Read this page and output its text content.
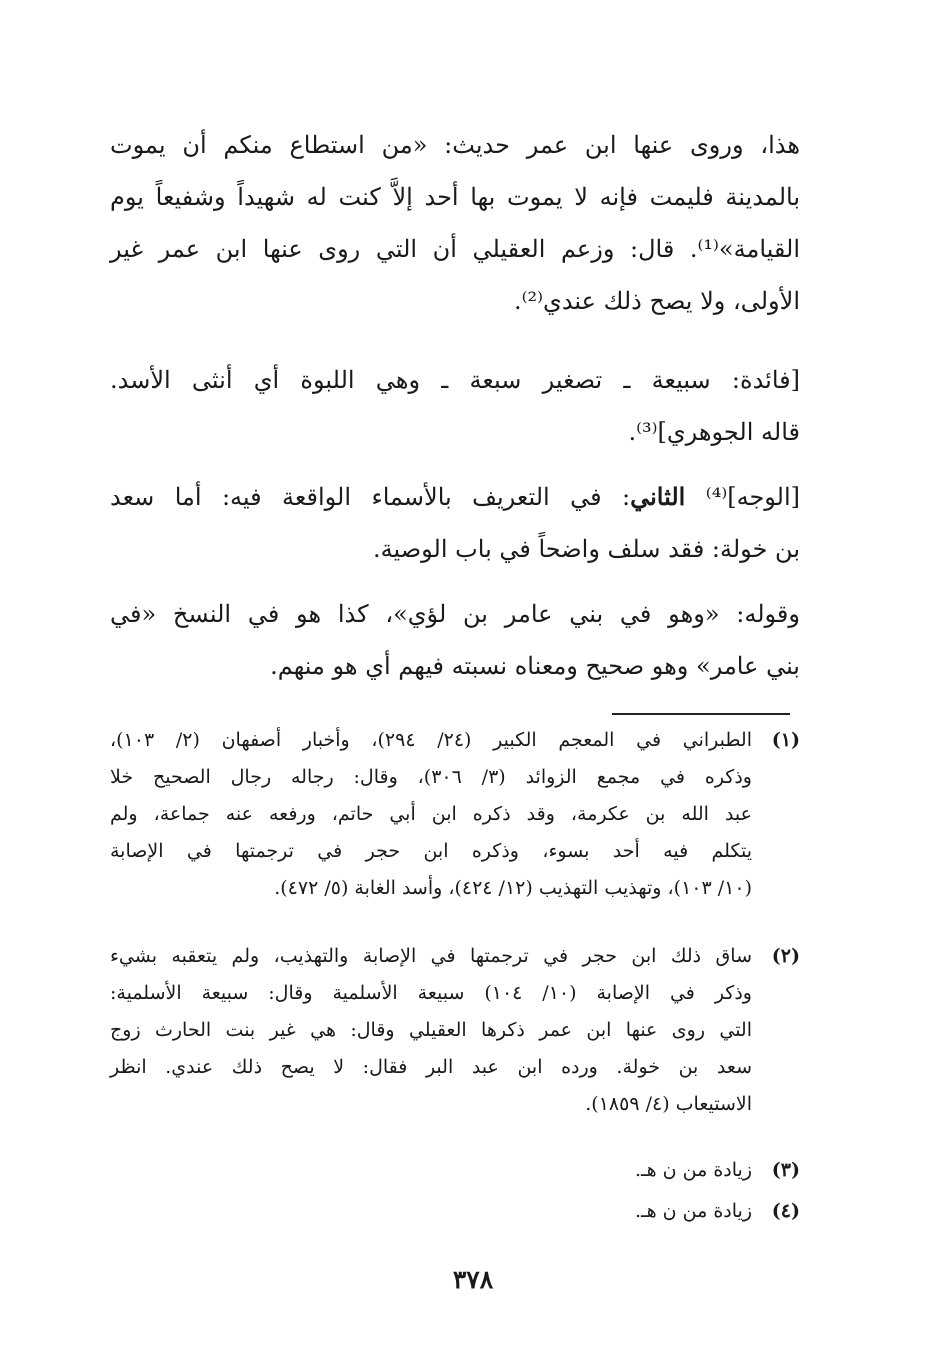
هذا، وروى عنها ابن عمر حديث: «من استطاع منكم أن يموت
بالمدينة فليمت فإنه لا يموت بها أحد إلاَّ كنت له شهيداً وشفيعاً يوم
القيامة»⁽¹⁾. قال: وزعم العقيلي أن التي روى عنها ابن عمر غير
الأولى، ولا يصح ذلك عندي⁽²⁾.
[فائدة: سبيعة ـ تصغير سبعة ـ وهي اللبوة أي أنثى الأسد.
قاله الجوهري]⁽³⁾.
[الوجه]⁽⁴⁾ الثاني: في التعريف بالأسماء الواقعة فيه: أما سعد
بن خولة: فقد سلف واضحاً في باب الوصية.
وقوله: «وهو في بني عامر بن لؤي»، كذا هو في النسخ «في
بني عامر» وهو صحيح ومعناه نسبته فيهم أي هو منهم.
(١)
الطبراني في المعجم الكبير (٢٤/ ٢٩٤)، وأخبار أصفهان (٢/ ١٠٣)،
وذكره في مجمع الزوائد (٣/ ٣٠٦)، وقال: رجاله رجال الصحيح خلا
عبد الله بن عكرمة، وقد ذكره ابن أبي حاتم، ورفعه عنه جماعة، ولم
يتكلم فيه أحد بسوء، وذكره ابن حجر في ترجمتها في الإصابة
(١٠/ ١٠٣)، وتهذيب التهذيب (١٢/ ٤٢٤)، وأسد الغابة (٥/ ٤٧٢).
(٢)
ساق ذلك ابن حجر في ترجمتها في الإصابة والتهذيب، ولم يتعقبه بشيء
وذكر في الإصابة (١٠/ ١٠٤) سبيعة الأسلمية وقال: سبيعة الأسلمية:
التي روى عنها ابن عمر ذكرها العقيلي وقال: هي غير بنت الحارث زوج
سعد بن خولة. ورده ابن عبد البر فقال: لا يصح ذلك عندي. انظر
الاستيعاب (٤/ ١٨٥٩).
(٣)
زيادة من ن هـ.
(٤)
زيادة من ن هـ.
٣٧٨
